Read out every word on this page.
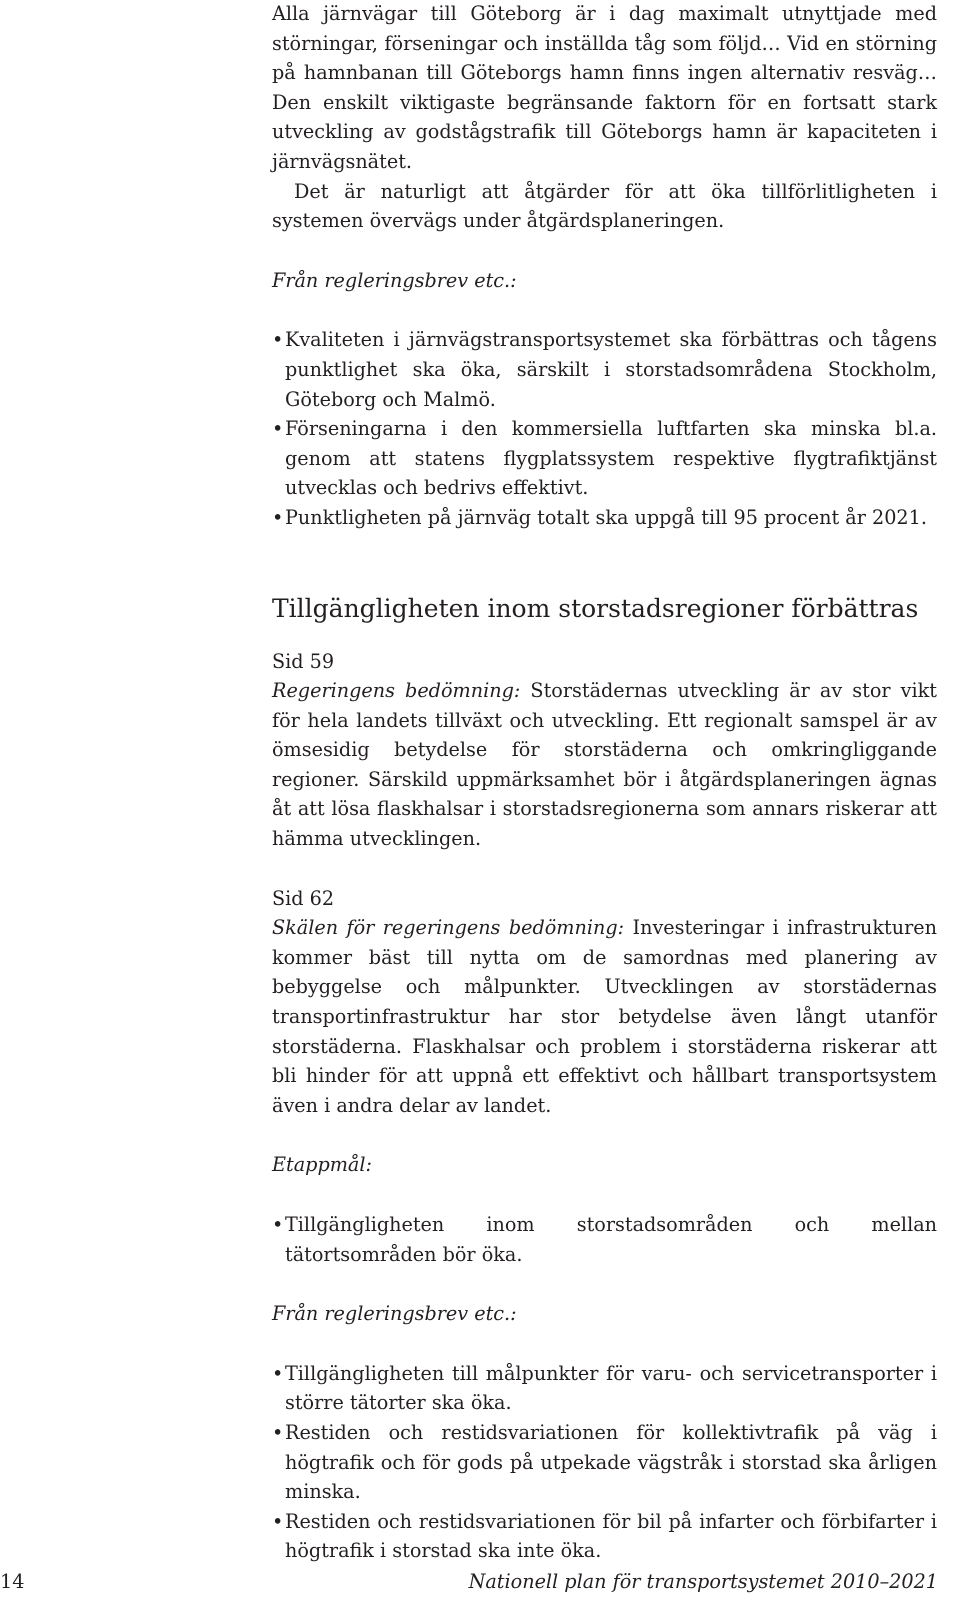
Alla järnvägar till Göteborg är i dag maximalt utnyttjade med störningar, förseningar och inställda tåg som följd… Vid en störning på hamnbanan till Göteborgs hamn finns ingen alternativ resväg… Den enskilt viktigaste begränsande faktorn för en fortsatt stark utveckling av godstågstrafik till Göteborgs hamn är kapaciteten i järnvägsnätet.

Det är naturligt att åtgärder för att öka tillförlitligheten i systemen övervägs under åtgärdsplaneringen.

Från regleringsbrev etc.:

• Kvaliteten i järnvägstransportsystemet ska förbättras och tågens punktlighet ska öka, särskilt i storstadsområdena Stockholm, Göteborg och Malmö.
• Förseningarna i den kommersiella luftfarten ska minska bl.a. genom att statens flygplatssystem respektive flygtrafiktjänst utvecklas och bedrivs effektivt.
• Punktligheten på järnväg totalt ska uppgå till 95 procent år 2021.
Tillgängligheten inom storstadsregioner förbättras

Sid 59

Regeringens bedömning: Storstädernas utveckling är av stor vikt för hela landets tillväxt och utveckling. Ett regionalt samspel är av ömsesidig betydelse för storstäderna och omkringliggande regioner. Särskild uppmärksamhet bör i åtgärdsplaneringen ägnas åt att lösa flaskhalsar i storstadsregionerna som annars riskerar att hämma utvecklingen.

Sid 62

Skälen för regeringens bedömning: Investeringar i infrastrukturen kommer bäst till nytta om de samordnas med planering av bebyggelse och målpunkter. Utvecklingen av storstädernas transportinfrastruktur har stor betydelse även långt utanför storstäderna. Flaskhalsar och problem i storstäderna riskerar att bli hinder för att uppnå ett effektivt och hållbart transportsystem även i andra delar av landet.

Etappmål:

• Tillgängligheten inom storstadsområden och mellan tätortsområden bör öka.

Från regleringsbrev etc.:

• Tillgängligheten till målpunkter för varu- och servicetransporter i större tätorter ska öka.
• Restiden och restidsvariationen för kollektivtrafik på väg i högtrafik och för gods på utpekade vägstråk i storstad ska årligen minska.
• Restiden och restidsvariationen för bil på infarter och förbifarter i högtrafik i storstad ska inte öka.
14	Nationell plan för transportsystemet 2010–2021
